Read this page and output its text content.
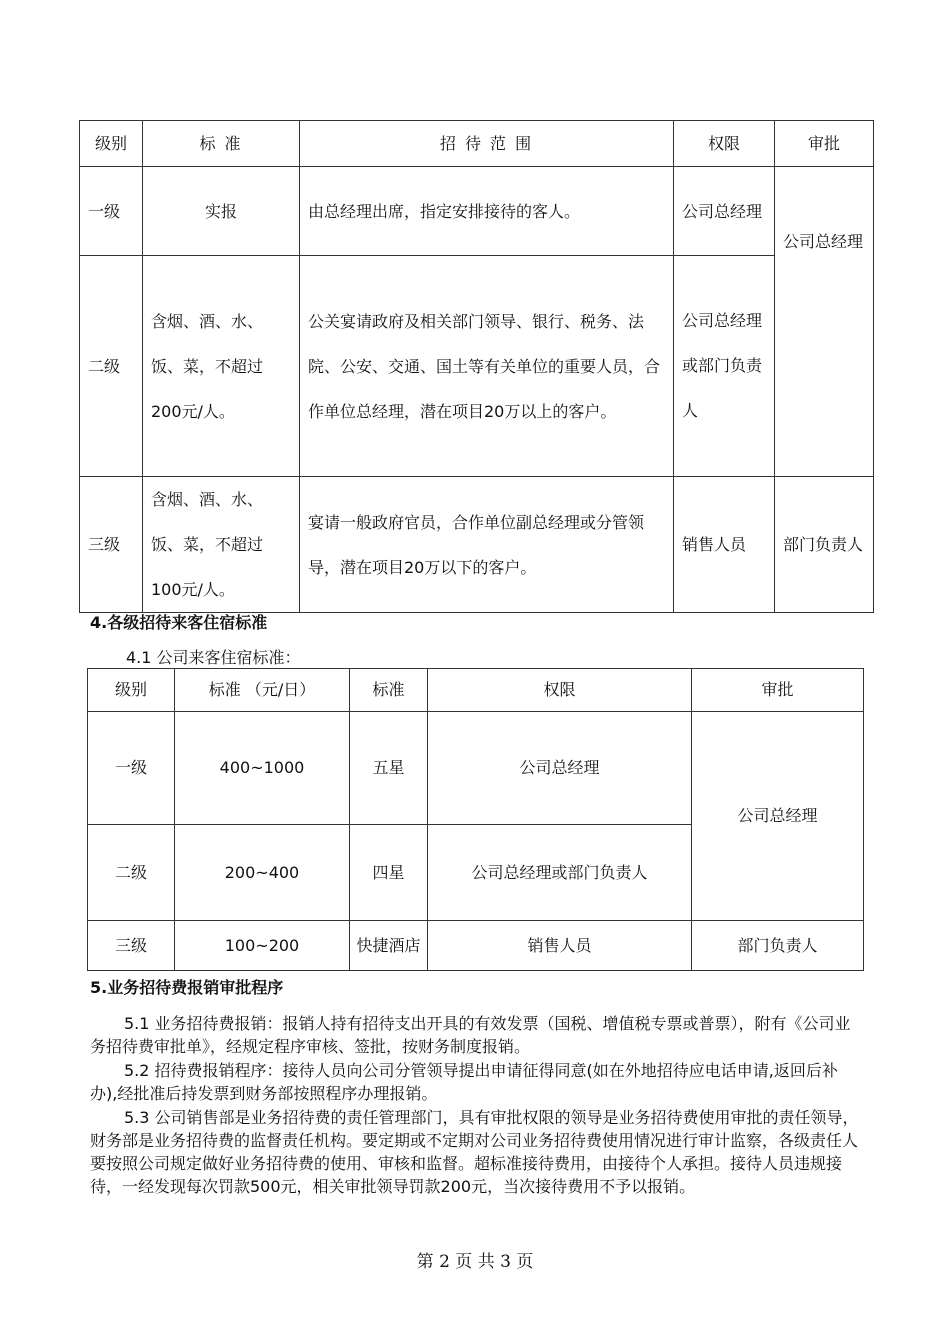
级别	标 准	招 待 范 围	权限	审批
一级	实报	由总经理出席，指定安排接待的客人。	公司总经理	公司总经理
二级	含烟、酒、水、饭、菜，不超过200元/人。	公关宴请政府及相关部门领导、银行、税务、法院、公安、交通、国土等有关单位的重要人员，合作单位总经理，潜在项目20万以上的客户。	公司总经理或部门负责人	
三级	含烟、酒、水、饭、菜，不超过100元/人。	宴请一般政府官员，合作单位副总经理或分管领导，潜在项目20万以下的客户。	销售人员	部门负责人

4.各级招待来客住宿标准

4.1 公司来客住宿标准：

级别	标准 （元/日）	标准	权限	审批
一级	400~1000	五星	公司总经理	公司总经理
二级	200~400	四星	公司总经理或部门负责人	
三级	100~200	快捷酒店	销售人员	部门负责人

5.业务招待费报销审批程序

5.1 业务招待费报销：报销人持有招待支出开具的有效发票（国税、增值税专票或普票），附有《公司业务招待费审批单》，经规定程序审核、签批，按财务制度报销。

5.2 招待费报销程序：接待人员向公司分管领导提出申请征得同意(如在外地招待应电话申请,返回后补办),经批准后持发票到财务部按照程序办理报销。

5.3 公司销售部是业务招待费的责任管理部门，具有审批权限的领导是业务招待费使用审批的责任领导，财务部是业务招待费的监督责任机构。要定期或不定期对公司业务招待费使用情况进行审计监察，各级责任人要按照公司规定做好业务招待费的使用、审核和监督。超标准接待费用，由接待个人承担。接待人员违规接待，一经发现每次罚款500元，相关审批领导罚款200元，当次接待费用不予以报销。

第 2 页 共 3 页
